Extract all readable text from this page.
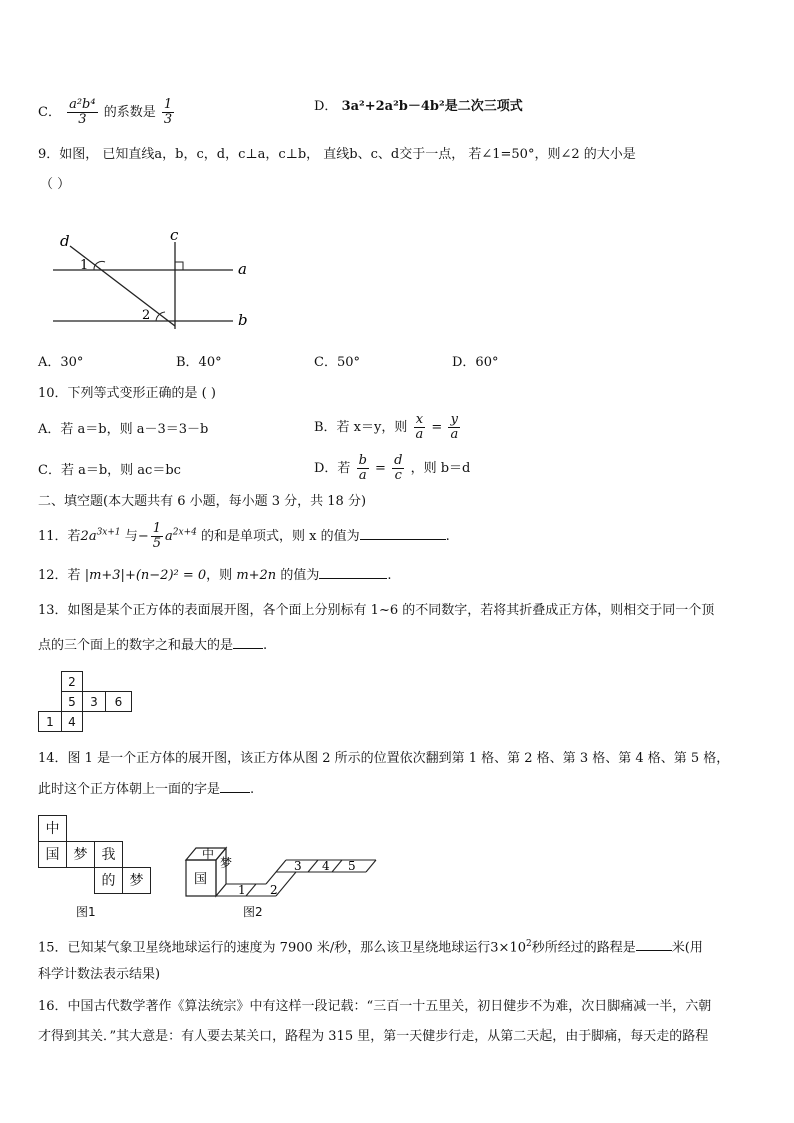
C． $\frac{\text{a²b⁴}}{3}$ 的系数是 $\frac{1}{3}$	D． 3a²+2a²b－4b²是二次三项式
9．如图， 已知直线a，b，c，d，c⊥a，c⊥b， 直线b、c、d交于一点， 若∠1=50°，则∠2 的大小是
（ ）
d	c
a
b
1
2
A．30°	B．40°	C．50°	D．60°
10．下列等式变形正确的是 ( )
A．若 a＝b，则 a－3＝3－b	B．若 x＝y，则 $\frac{x}{a} = \frac{y}{a}$
C．若 a＝b，则 ac＝bc	D．若 $\frac{b}{a} = \frac{d}{c}$ ，则 b＝d
二、填空题(本大题共有 6 小题，每小题 3 分，共 18 分)
11．若$2a^{3x+1}$ 与− $\frac{1}{5} a^{2x+4}$ 的和是单项式，则 x 的值为	.
12．若 |m+3|+(n−2)² = 0，则 m+2n 的值为	.
13．如图是某个正方体的表面展开图，各个面上分别标有 1~6 的不同数字，若将其折叠成正方体，则相交于同一个顶
点的三个面上的数字之和最大的是 .
2
5	3	6
1	4
14．图 1 是一个正方体的展开图，该正方体从图 2 所示的位置依次翻到第 1 格、第 2 格、第 3 格、第 4 格、第 5 格，
此时这个正方体朝上一面的字是 .
中
国	梦	我
的	梦
图1
中
国
梦
1 2
3 4 5
图2
15．已知某气象卫星绕地球运行的速度为 7900 米/秒，那么该卫星绕地球运行$3\times 10^2$秒所经过的路程是	米(用
科学计数法表示结果)
16．中国古代数学著作《算法统宗》中有这样一段记载：“三百一十五里关，初日健步不为难，次日脚痛减一半，六朝
才得到其关．”其大意是：有人要去某关口，路程为 315 里，第一天健步行走，从第二天起，由于脚痛，每天走的路程
